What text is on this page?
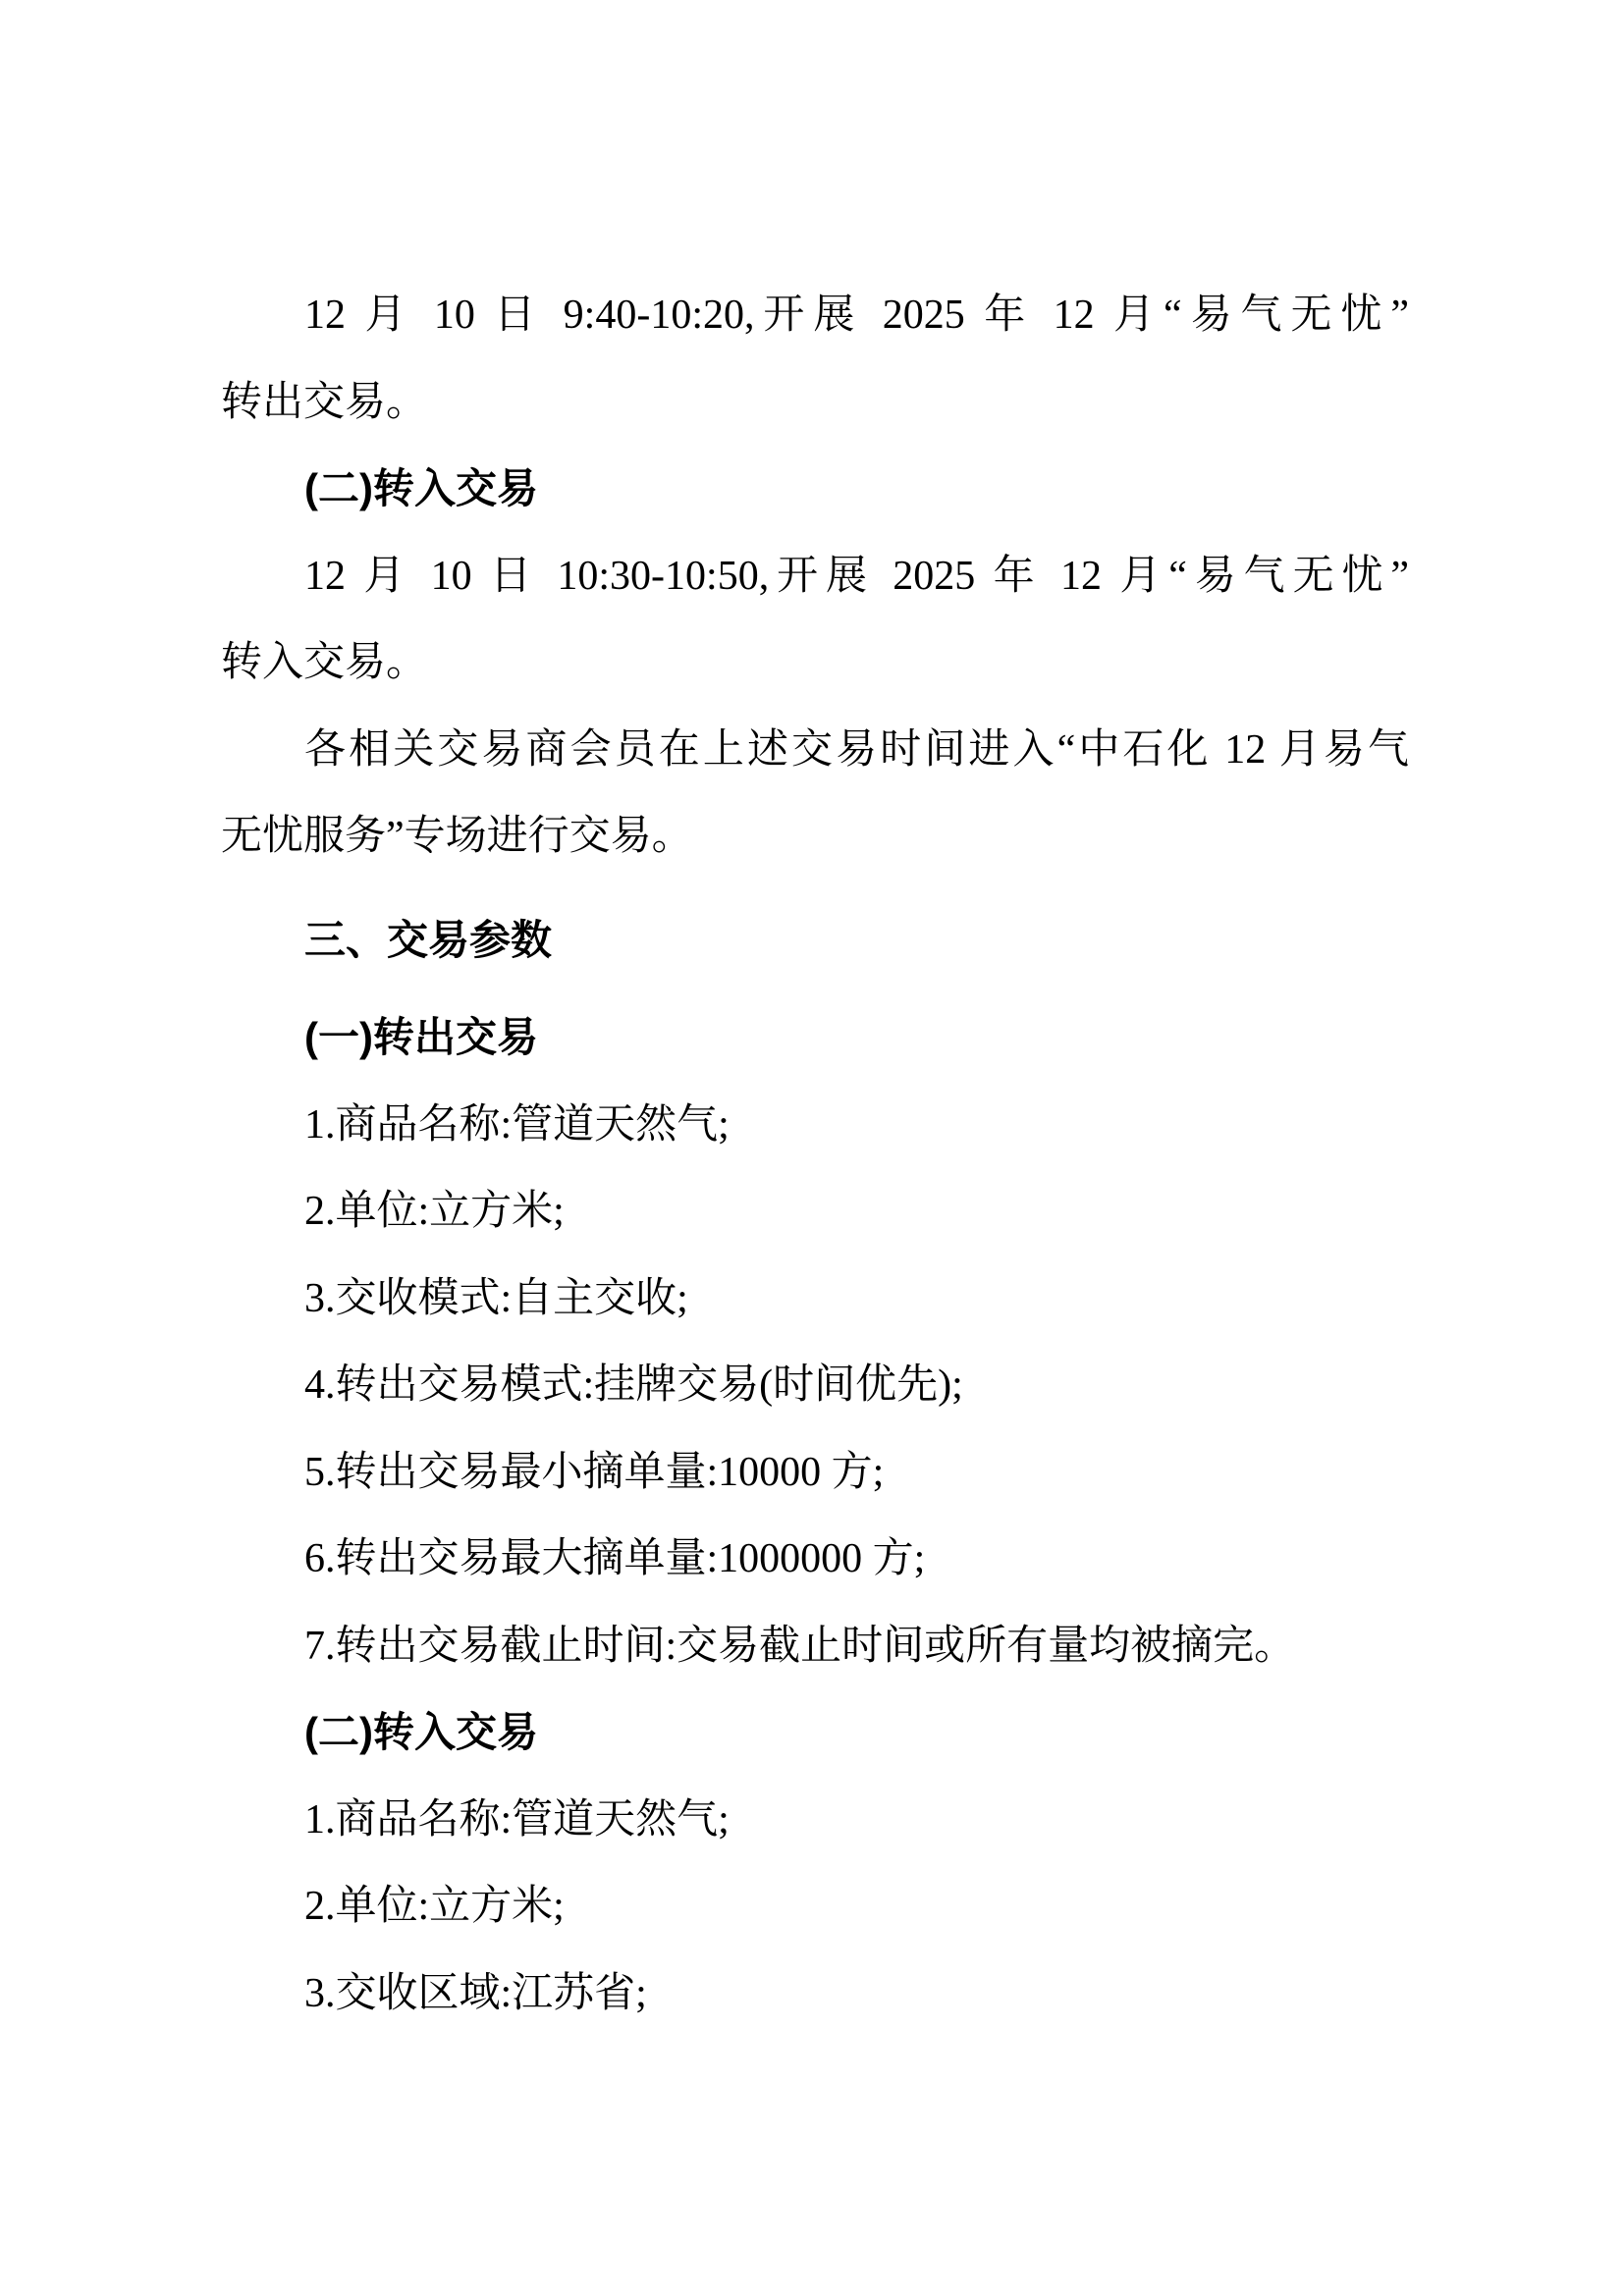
12 月 10 日 9:40-10:20,开展 2025 年 12 月“易气无忧”
转出交易。
(二)转入交易
12 月 10 日 10:30-10:50,开展 2025 年 12 月“易气无忧”
转入交易。
各相关交易商会员在上述交易时间进入“中石化 12 月易气
无忧服务”专场进行交易。
三、交易参数
(一)转出交易
1.商品名称:管道天然气;
2.单位:立方米;
3.交收模式:自主交收;
4.转出交易模式:挂牌交易(时间优先);
5.转出交易最小摘单量:10000 方;
6.转出交易最大摘单量:1000000 方;
7.转出交易截止时间:交易截止时间或所有量均被摘完。
(二)转入交易
1.商品名称:管道天然气;
2.单位:立方米;
3.交收区域:江苏省;
